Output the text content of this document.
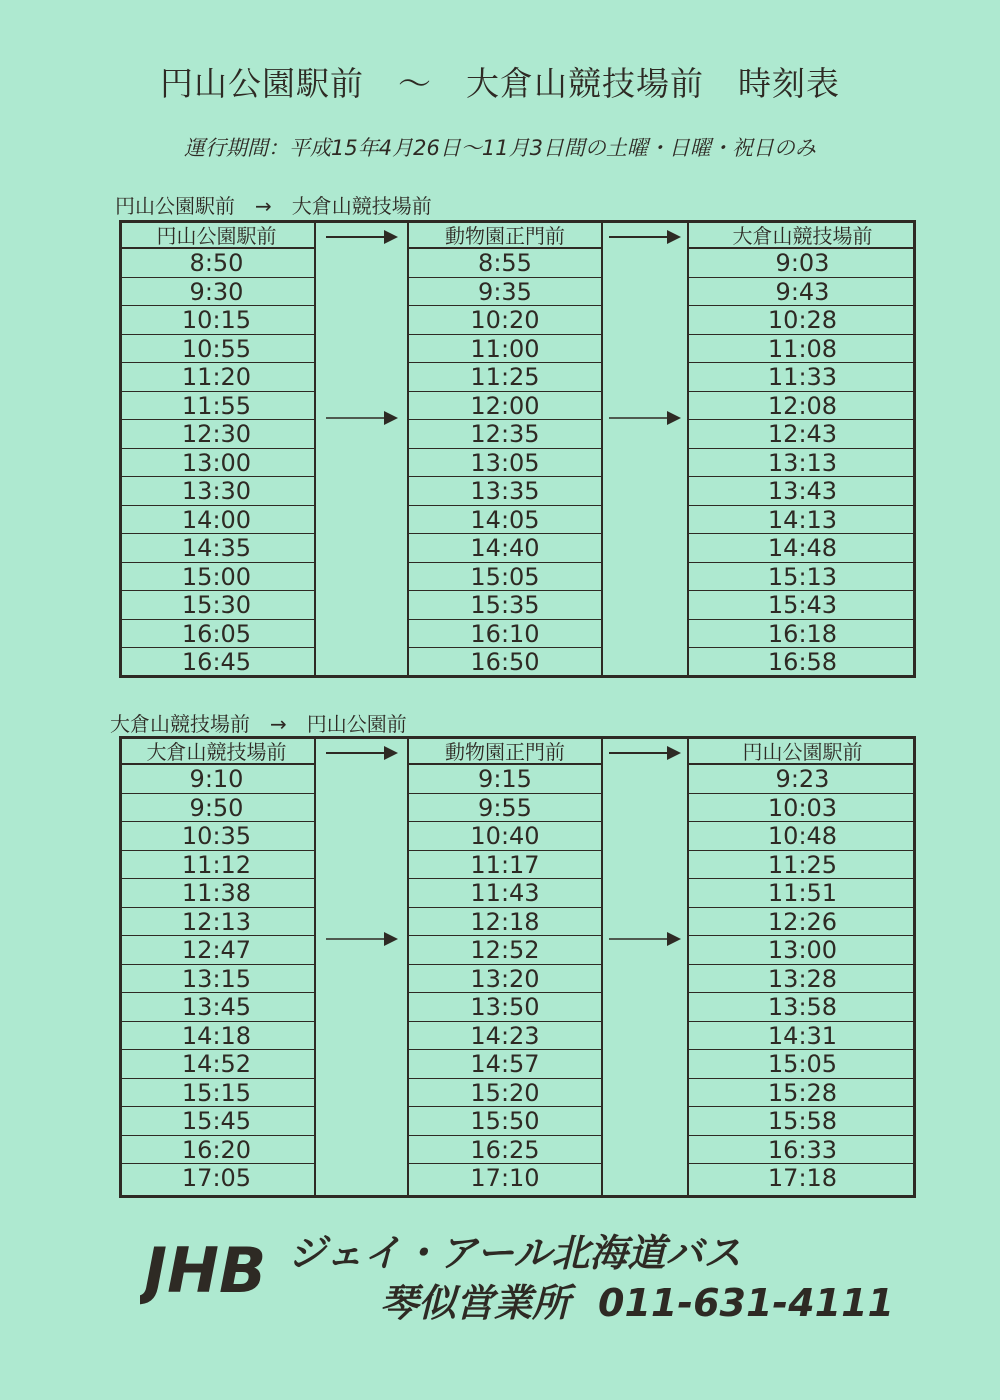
円山公園駅前　～　大倉山競技場前　時刻表
運行期間：平成15年4月26日～11月3日間の土曜・日曜・祝日のみ
円山公園駅前　→　大倉山競技場前
円山公園駅前
8:50
9:30
10:15
10:55
11:20
11:55
12:30
13:00
13:30
14:00
14:35
15:00
15:30
16:05
16:45
動物園正門前
8:55
9:35
10:20
11:00
11:25
12:00
12:35
13:05
13:35
14:05
14:40
15:05
15:35
16:10
16:50
大倉山競技場前
9:03
9:43
10:28
11:08
11:33
12:08
12:43
13:13
13:43
14:13
14:48
15:13
15:43
16:18
16:58
大倉山競技場前　→　円山公園前
大倉山競技場前
9:10
9:50
10:35
11:12
11:38
12:13
12:47
13:15
13:45
14:18
14:52
15:15
15:45
16:20
17:05
動物園正門前
9:15
9:55
10:40
11:17
11:43
12:18
12:52
13:20
13:50
14:23
14:57
15:20
15:50
16:25
17:10
円山公園駅前
9:23
10:03
10:48
11:25
11:51
12:26
13:00
13:28
13:58
14:31
15:05
15:28
15:58
16:33
17:18
JHB ジェイ・アール北海道バス
琴似営業所 011-631-4111
